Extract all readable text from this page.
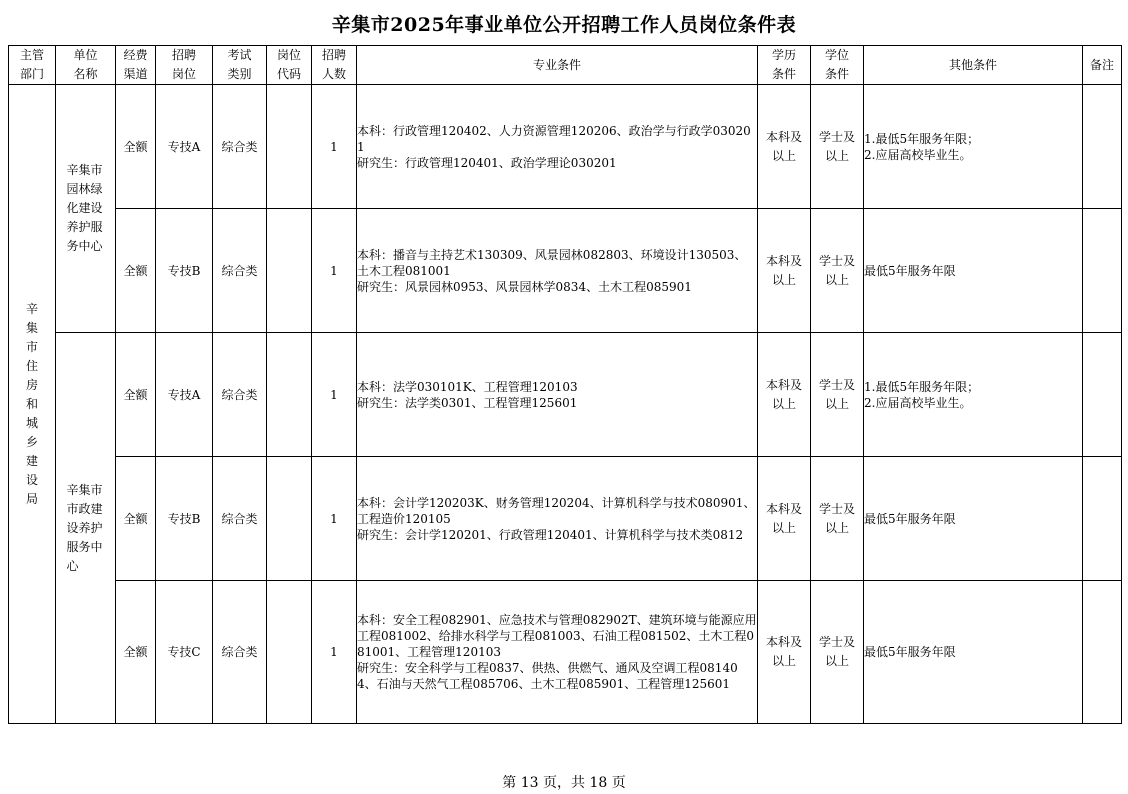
辛集市2025年事业单位公开招聘工作人员岗位条件表
主管部门	单位名称	经费渠道	招聘岗位	考试类别	岗位代码	招聘人数	专业条件	学历条件	学位条件	其他条件	备注
辛集市住房和城乡建设局	辛集市园林绿化建设养护服务中心	全额	专技A	综合类		1	本科：行政管理120402、人力资源管理120206、政治学与行政学030201
研究生：行政管理120401、政治学理论030201	本科及以上	学士及以上	1.最低5年服务年限；
2.应届高校毕业生。	
		全额	专技B	综合类		1	本科：播音与主持艺术130309、风景园林082803、环境设计130503、土木工程081001
研究生：风景园林0953、风景园林学0834、土木工程085901	本科及以上	学士及以上	最低5年服务年限	
	辛集市市政建设养护服务中心	全额	专技A	综合类		1	本科：法学030101K、工程管理120103
研究生：法学类0301、工程管理125601	本科及以上	学士及以上	1.最低5年服务年限；
2.应届高校毕业生。	
		全额	专技B	综合类		1	本科：会计学120203K、财务管理120204、计算机科学与技术080901、工程造价120105
研究生：会计学120201、行政管理120401、计算机科学与技术类0812	本科及以上	学士及以上	最低5年服务年限	
		全额	专技C	综合类		1	本科：安全工程082901、应急技术与管理082902T、建筑环境与能源应用工程081002、给排水科学与工程081003、石油工程081502、土木工程081001、工程管理120103
研究生：安全科学与工程0837、供热、供燃气、通风及空调工程081404、石油与天然气工程085706、土木工程085901、工程管理125601	本科及以上	学士及以上	最低5年服务年限	
第 13 页，共 18 页
